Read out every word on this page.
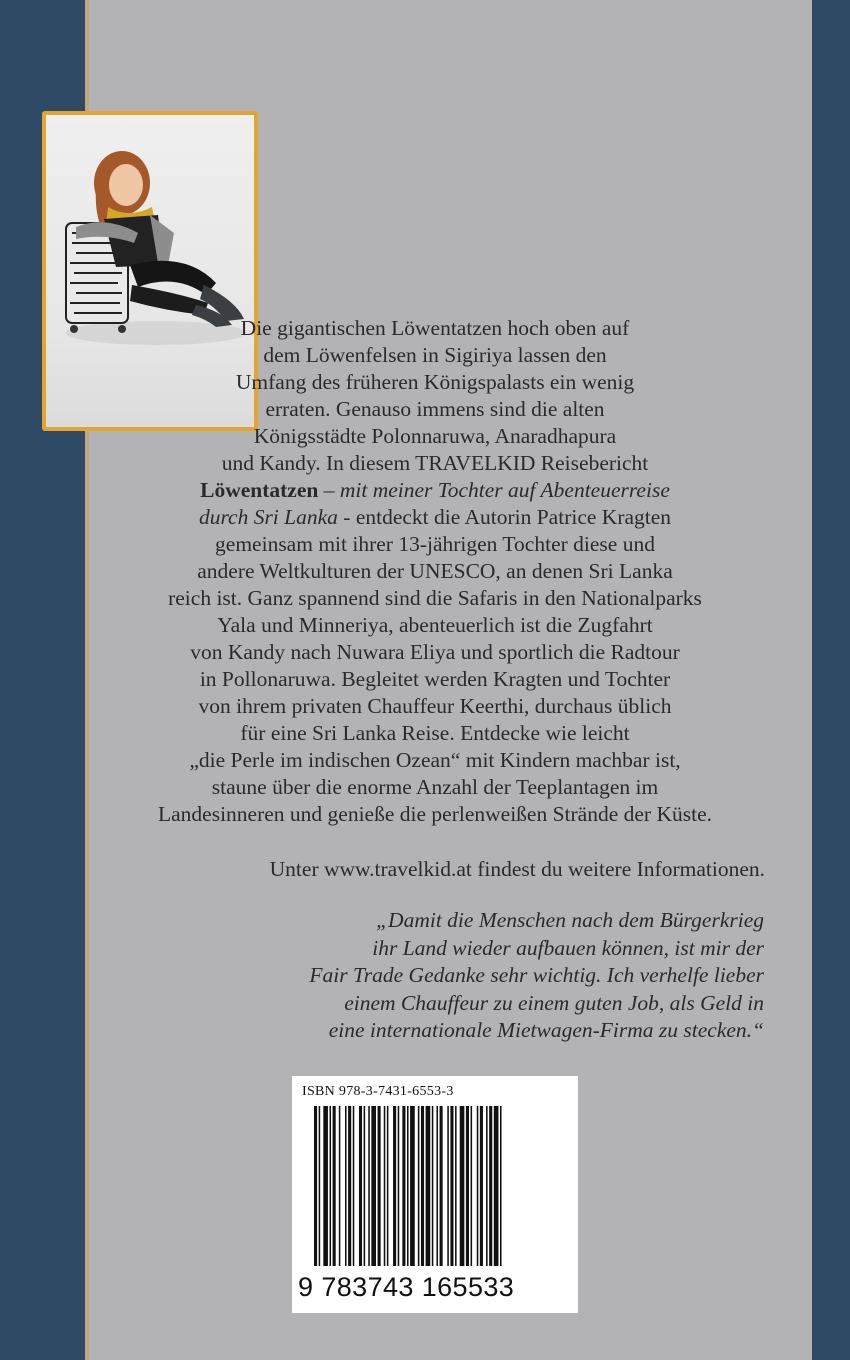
Die gigantischen Löwentatzen hoch oben auf
dem Löwenfelsen in Sigiriya lassen den
Umfang des früheren Königspalasts ein wenig
erraten. Genauso immens sind die alten
Königsstädte Polonnaruwa, Anaradhapura
und Kandy. In diesem TRAVELKID Reisebericht
Löwentatzen – mit meiner Tochter auf Abenteuerreise
durch Sri Lanka - entdeckt die Autorin Patrice Kragten
gemeinsam mit ihrer 13-jährigen Tochter diese und
andere Weltkulturen der UNESCO, an denen Sri Lanka
reich ist. Ganz spannend sind die Safaris in den Nationalparks
Yala und Minneriya, abenteuerlich ist die Zugfahrt
von Kandy nach Nuwara Eliya und sportlich die Radtour
in Pollonaruwa. Begleitet werden Kragten und Tochter
von ihrem privaten Chauffeur Keerthi, durchaus üblich
für eine Sri Lanka Reise. Entdecke wie leicht
„die Perle im indischen Ozean“ mit Kindern machbar ist,
staune über die enorme Anzahl der Teeplantagen im
Landesinneren und genieße die perlenweißen Strände der Küste.

Unter www.travelkid.at findest du weitere Informationen.
„Damit die Menschen nach dem Bürgerkrieg
ihr Land wieder aufbauen können, ist mir der
Fair Trade Gedanke sehr wichtig. Ich verhelfe lieber
einem Chauffeur zu einem guten Job, als Geld in
eine internationale Mietwagen-Firma zu stecken.“
ISBN 978-3-7431-6553-3
9 783743 165533
